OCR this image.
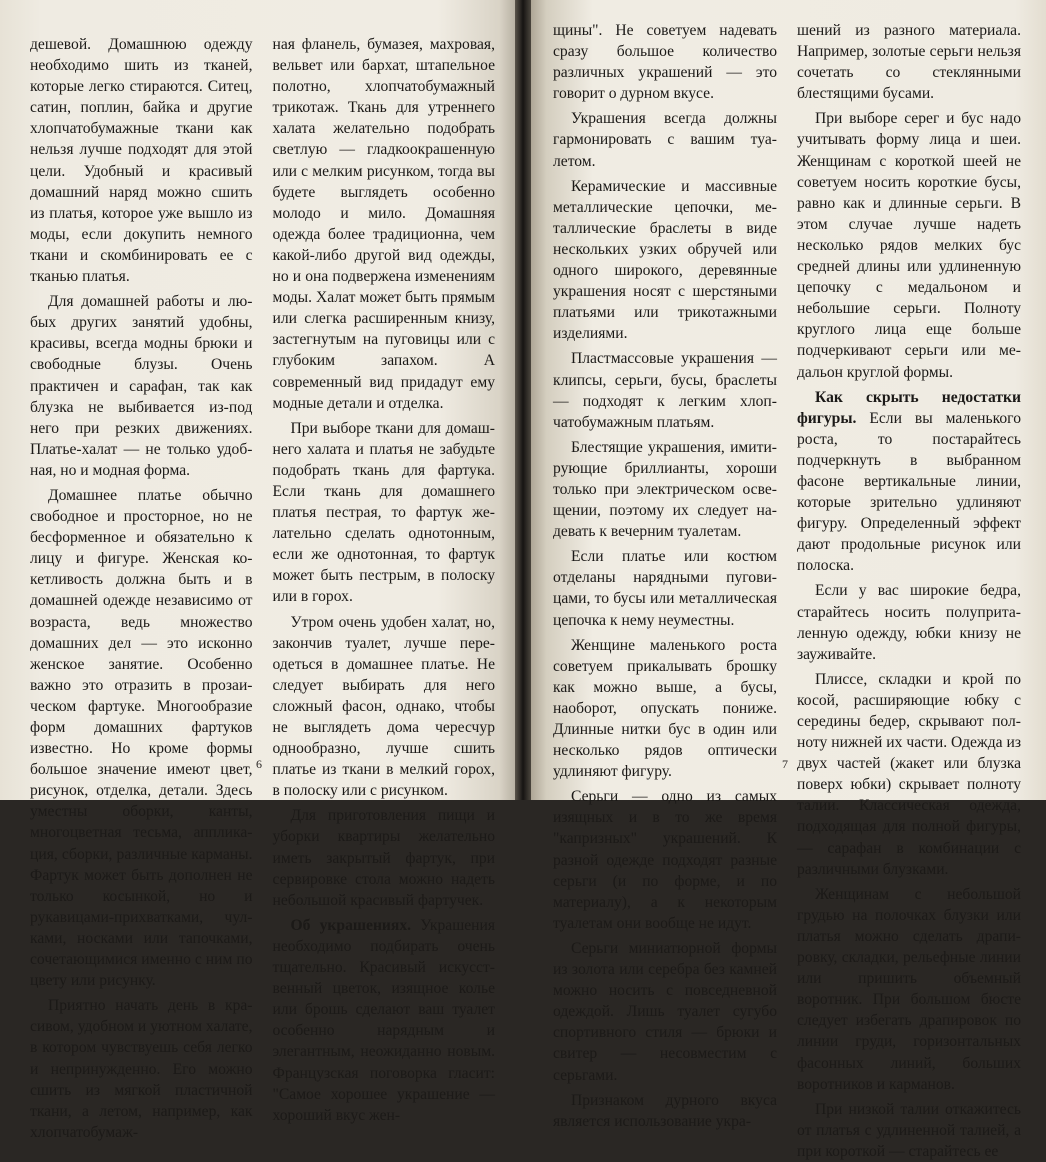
дешевой. Домашнюю одежду необходимо шить из тканей, которые легко стираются. Ситец, сатин, поплин, байка и другие хлопчатобумажные ткани как нельзя лучше подходят для этой цели. Удобный и красивый домашний наряд можно сшить из платья, которое уже вышло из моды, если докупить немного ткани и скомбинировать ее с тканью платья.

Для домашней работы и любых других занятий удобны, красивы, всегда модны брюки и свободные блузы. Очень практичен и сарафан, так как блузка не выбивается из-под него при резких движениях. Платье-халат — не только удобная, но и модная форма.

Домашнее платье обычно свободное и просторное, но не бесформенное и обязательно к лицу и фигуре. Женская кокетливость должна быть и в домашней одежде независимо от возраста, ведь множество домашних дел — это исконно женское занятие. Особенно важно это отразить в прозаическом фартуке. Многообразие форм домашних фартуков известно. Но кроме формы большое значение имеют цвет, рисунок, отделка, детали. Здесь уместны оборки, канты, многоцветная тесьма, аппликация, сборки, различные карманы. Фартук может быть дополнен не только косынкой, но и рукавицами-прихватками, чулками, носками или тапочками, сочетающимися именно с ним по цвету или рисунку.

Приятно начать день в красивом, удобном и уютном халате, в котором чувствуешь себя легко и непринужденно. Его можно сшить из мягкой пластичной ткани, а летом, например, как хлопчатобумаж-

ная фланель, бумазея, махровая, вельвет или бархат, штапельное полотно, хлопчатобумажный трикотаж. Ткань для утреннего халата желательно подобрать светлую — гладкоокрашенную или с мелким рисунком, тогда вы будете выглядеть особенно молодо и мило. Домашняя одежда более традиционна, чем какой-либо другой вид одежды, но и она подвержена изменениям моды. Халат может быть прямым или слегка расширенным книзу, застегнутым на пуговицы или с глубоким запахом. А современный вид придадут ему модные детали и отделка.

При выборе ткани для домашнего халата и платья не забудьте подобрать ткань для фартука. Если ткань для домашнего платья пестрая, то фартук желательно сделать однотонным, если же однотонная, то фартук может быть пестрым, в полоску или в горох.

Утром очень удобен халат, но, закончив туалет, лучше переодеться в домашнее платье. Не следует выбирать для него сложный фасон, однако, чтобы не выглядеть дома чересчур однообразно, лучше сшить платье из ткани в мелкий горох, в полоску или с рисунком.

Для приготовления пищи и уборки квартиры желательно иметь закрытый фартук, при сервировке стола можно надеть небольшой красивый фартучек.

Об украшениях. Украшения необходимо подбирать очень тщательно. Красивый искусственный цветок, изящное колье или брошь сделают ваш туалет особенно нарядным и элегантным, неожиданно новым. Французская поговорка гласит: "Самое хорошее украшение — хороший вкус жен-

6

щины". Не советуем надевать сразу большое количество различных украшений — это говорит о дурном вкусе.

Украшения всегда должны гармонировать с вашим туалетом.

Керамические и массивные металлические цепочки, металлические браслеты в виде нескольких узких обручей или одного широкого, деревянные украшения носят с шерстяными платьями или трикотажными изделиями.

Пластмассовые украшения — клипсы, серьги, бусы, браслеты — подходят к легким хлопчатобумажным платьям.

Блестящие украшения, имитирующие бриллианты, хороши только при электрическом освещении, поэтому их следует надевать к вечерним туалетам.

Если платье или костюм отделаны нарядными пуговицами, то бусы или металлическая цепочка к нему неуместны.

Женщине маленького роста советуем прикалывать брошку как можно выше, а бусы, наоборот, опускать пониже. Длинные нитки бус в один или несколько рядов оптически удлиняют фигуру.

Серьги — одно из самых изящных и в то же время "капризных" украшений. К разной одежде подходят разные серьги (и по форме, и по материалу), а к некоторым туалетам они вообще не идут.

Серьги миниатюрной формы из золота или серебра без камней можно носить с повседневной одеждой. Лишь туалет сугубо спортивного стиля — брюки и свитер — несовместим с серьгами.

Признаком дурного вкуса является использование укра-

шений из разного материала. Например, золотые серьги нельзя сочетать со стеклянными блестящими бусами.

При выборе серег и бус надо учитывать форму лица и шеи. Женщинам с короткой шеей не советуем носить короткие бусы, равно как и длинные серьги. В этом случае лучше надеть несколько рядов мелких бус средней длины или удлиненную цепочку с медальоном и небольшие серьги. Полноту круглого лица еще больше подчеркивают серьги или медальон круглой формы.

Как скрыть недостатки фигуры. Если вы маленького роста, то постарайтесь подчеркнуть в выбранном фасоне вертикальные линии, которые зрительно удлиняют фигуру. Определенный эффект дают продольные рисунок или полоска.

Если у вас широкие бедра, старайтесь носить полуприталенную одежду, юбки книзу не зауживайте.

Плиссе, складки и крой по косой, расширяющие юбку с середины бедер, скрывают полноту нижней их части. Одежда из двух частей (жакет или блузка поверх юбки) скрывает полноту талии. Классическая одежда, подходящая для полной фигуры, — сарафан в комбинации с различными блузками.

Женщинам с небольшой грудью на полочках блузки или платья можно сделать драпировку, складки, рельефные линии или пришить объемный воротник. При большом бюсте следует избегать драпировок по линии груди, горизонтальных фасонных линий, больших воротников и карманов.

При низкой талии откажитесь от платья с удлиненной талией, а при короткой — старайтесь ее

7
